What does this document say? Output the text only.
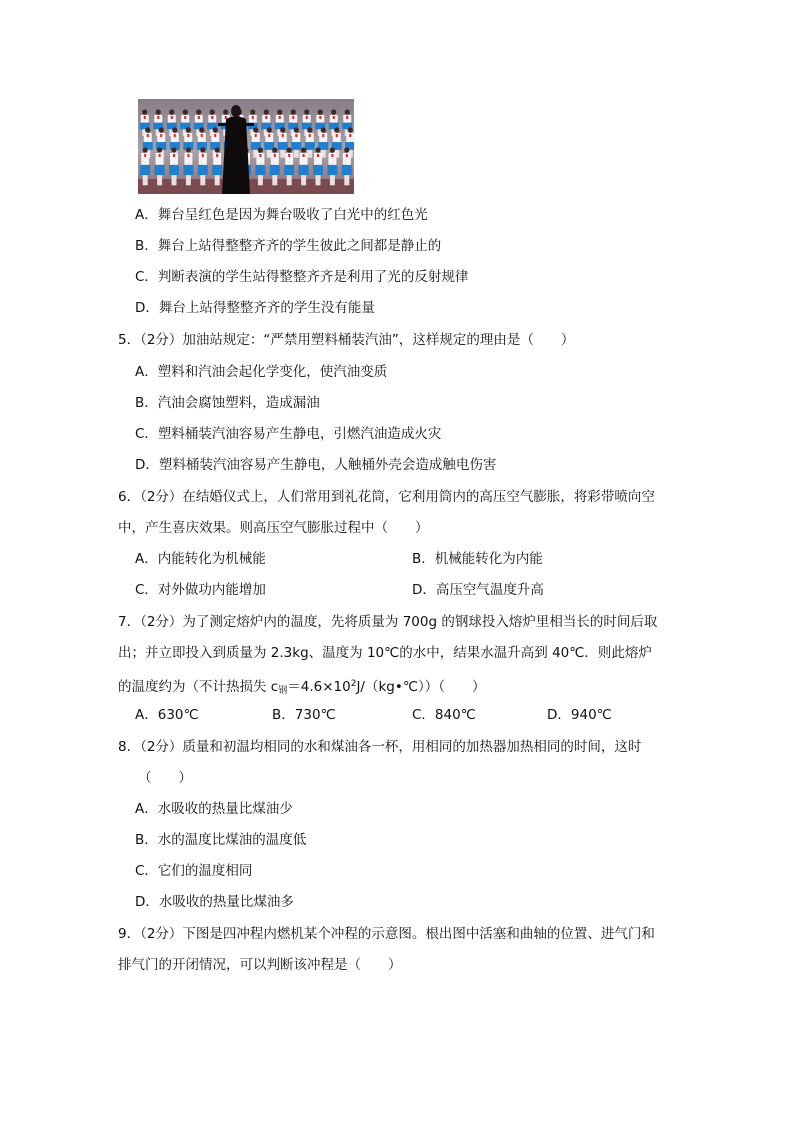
A．舞台呈红色是因为舞台吸收了白光中的红色光
B．舞台上站得整整齐齐的学生彼此之间都是静止的
C．判断表演的学生站得整整齐齐是利用了光的反射规律
D．舞台上站得整整齐齐的学生没有能量
5．（2分）加油站规定：“严禁用塑料桶装汽油”，这样规定的理由是（　　）
A．塑料和汽油会起化学变化，使汽油变质
B．汽油会腐蚀塑料，造成漏油
C．塑料桶装汽油容易产生静电，引燃汽油造成火灾
D．塑料桶装汽油容易产生静电，人触桶外壳会造成触电伤害
6．（2分）在结婚仪式上，人们常用到礼花筒，它利用筒内的高压空气膨胀，将彩带喷向空
中，产生喜庆效果。则高压空气膨胀过程中（　　）
A．内能转化为机械能	B．机械能转化为内能
C．对外做功内能增加	D．高压空气温度升高
7．（2分）为了测定熔炉内的温度，先将质量为 700g 的钢球投入熔炉里相当长的时间后取
出；并立即投入到质量为 2.3kg、温度为 10℃的水中，结果水温升高到 40℃．则此熔炉
的温度约为（不计热损失 $c_钢=4.6\times 10^2J/(kg•℃)$）（　　）
A．630℃	B．730℃	C．840℃	D．940℃
8．（2分）质量和初温均相同的水和煤油各一杯，用相同的加热器加热相同的时间，这时
（　　）
A．水吸收的热量比煤油少
B．水的温度比煤油的温度低
C．它们的温度相同
D．水吸收的热量比煤油多
9．（2分）下图是四冲程内燃机某个冲程的示意图。根出图中活塞和曲轴的位置、进气门和
排气门的开闭情况，可以判断该冲程是（　　）
